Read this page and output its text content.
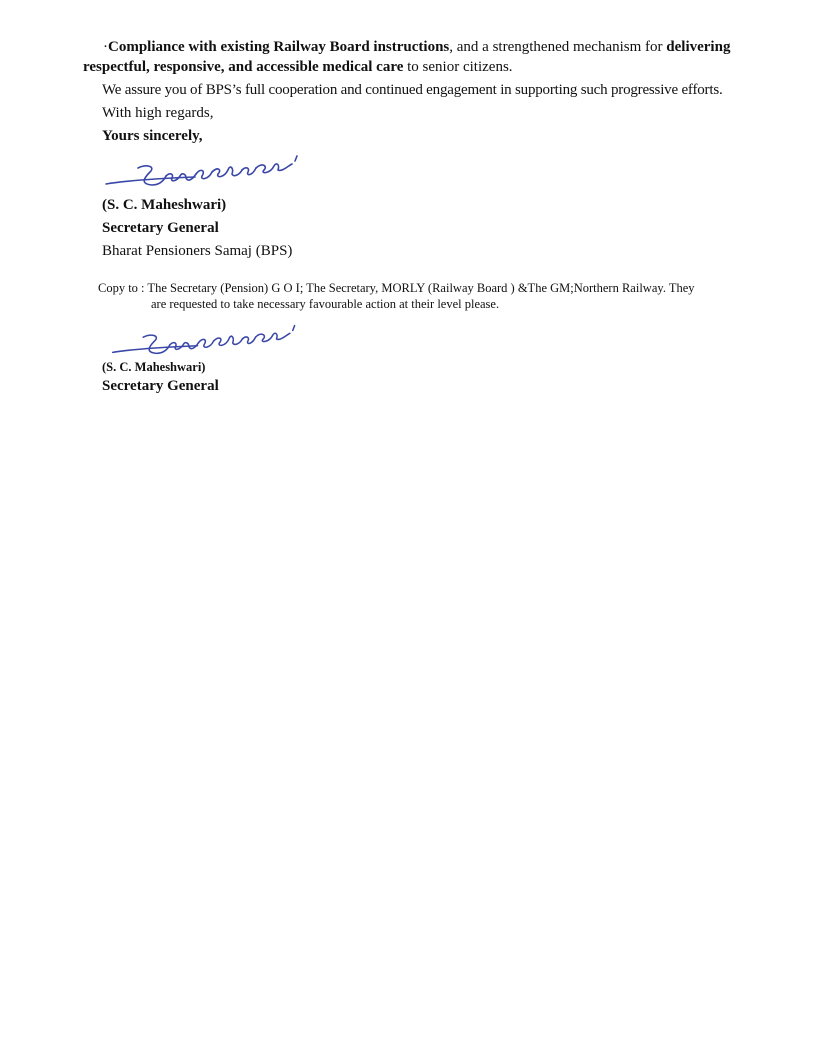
·Compliance with existing Railway Board instructions, and a strengthened mechanism for delivering
respectful, responsive, and accessible medical care to senior citizens.
We assure you of BPS’s full cooperation and continued engagement in supporting such progressive efforts.
With high regards,
Yours sincerely,
(S. C. Maheshwari)
Secretary General
Bharat Pensioners Samaj (BPS)
Copy to : The Secretary (Pension) G O I; The Secretary, MORLY (Railway Board ) &The GM;Northern Railway. They
are requested to take necessary favourable action at their level please.
(S. C. Maheshwari)
Secretary General
